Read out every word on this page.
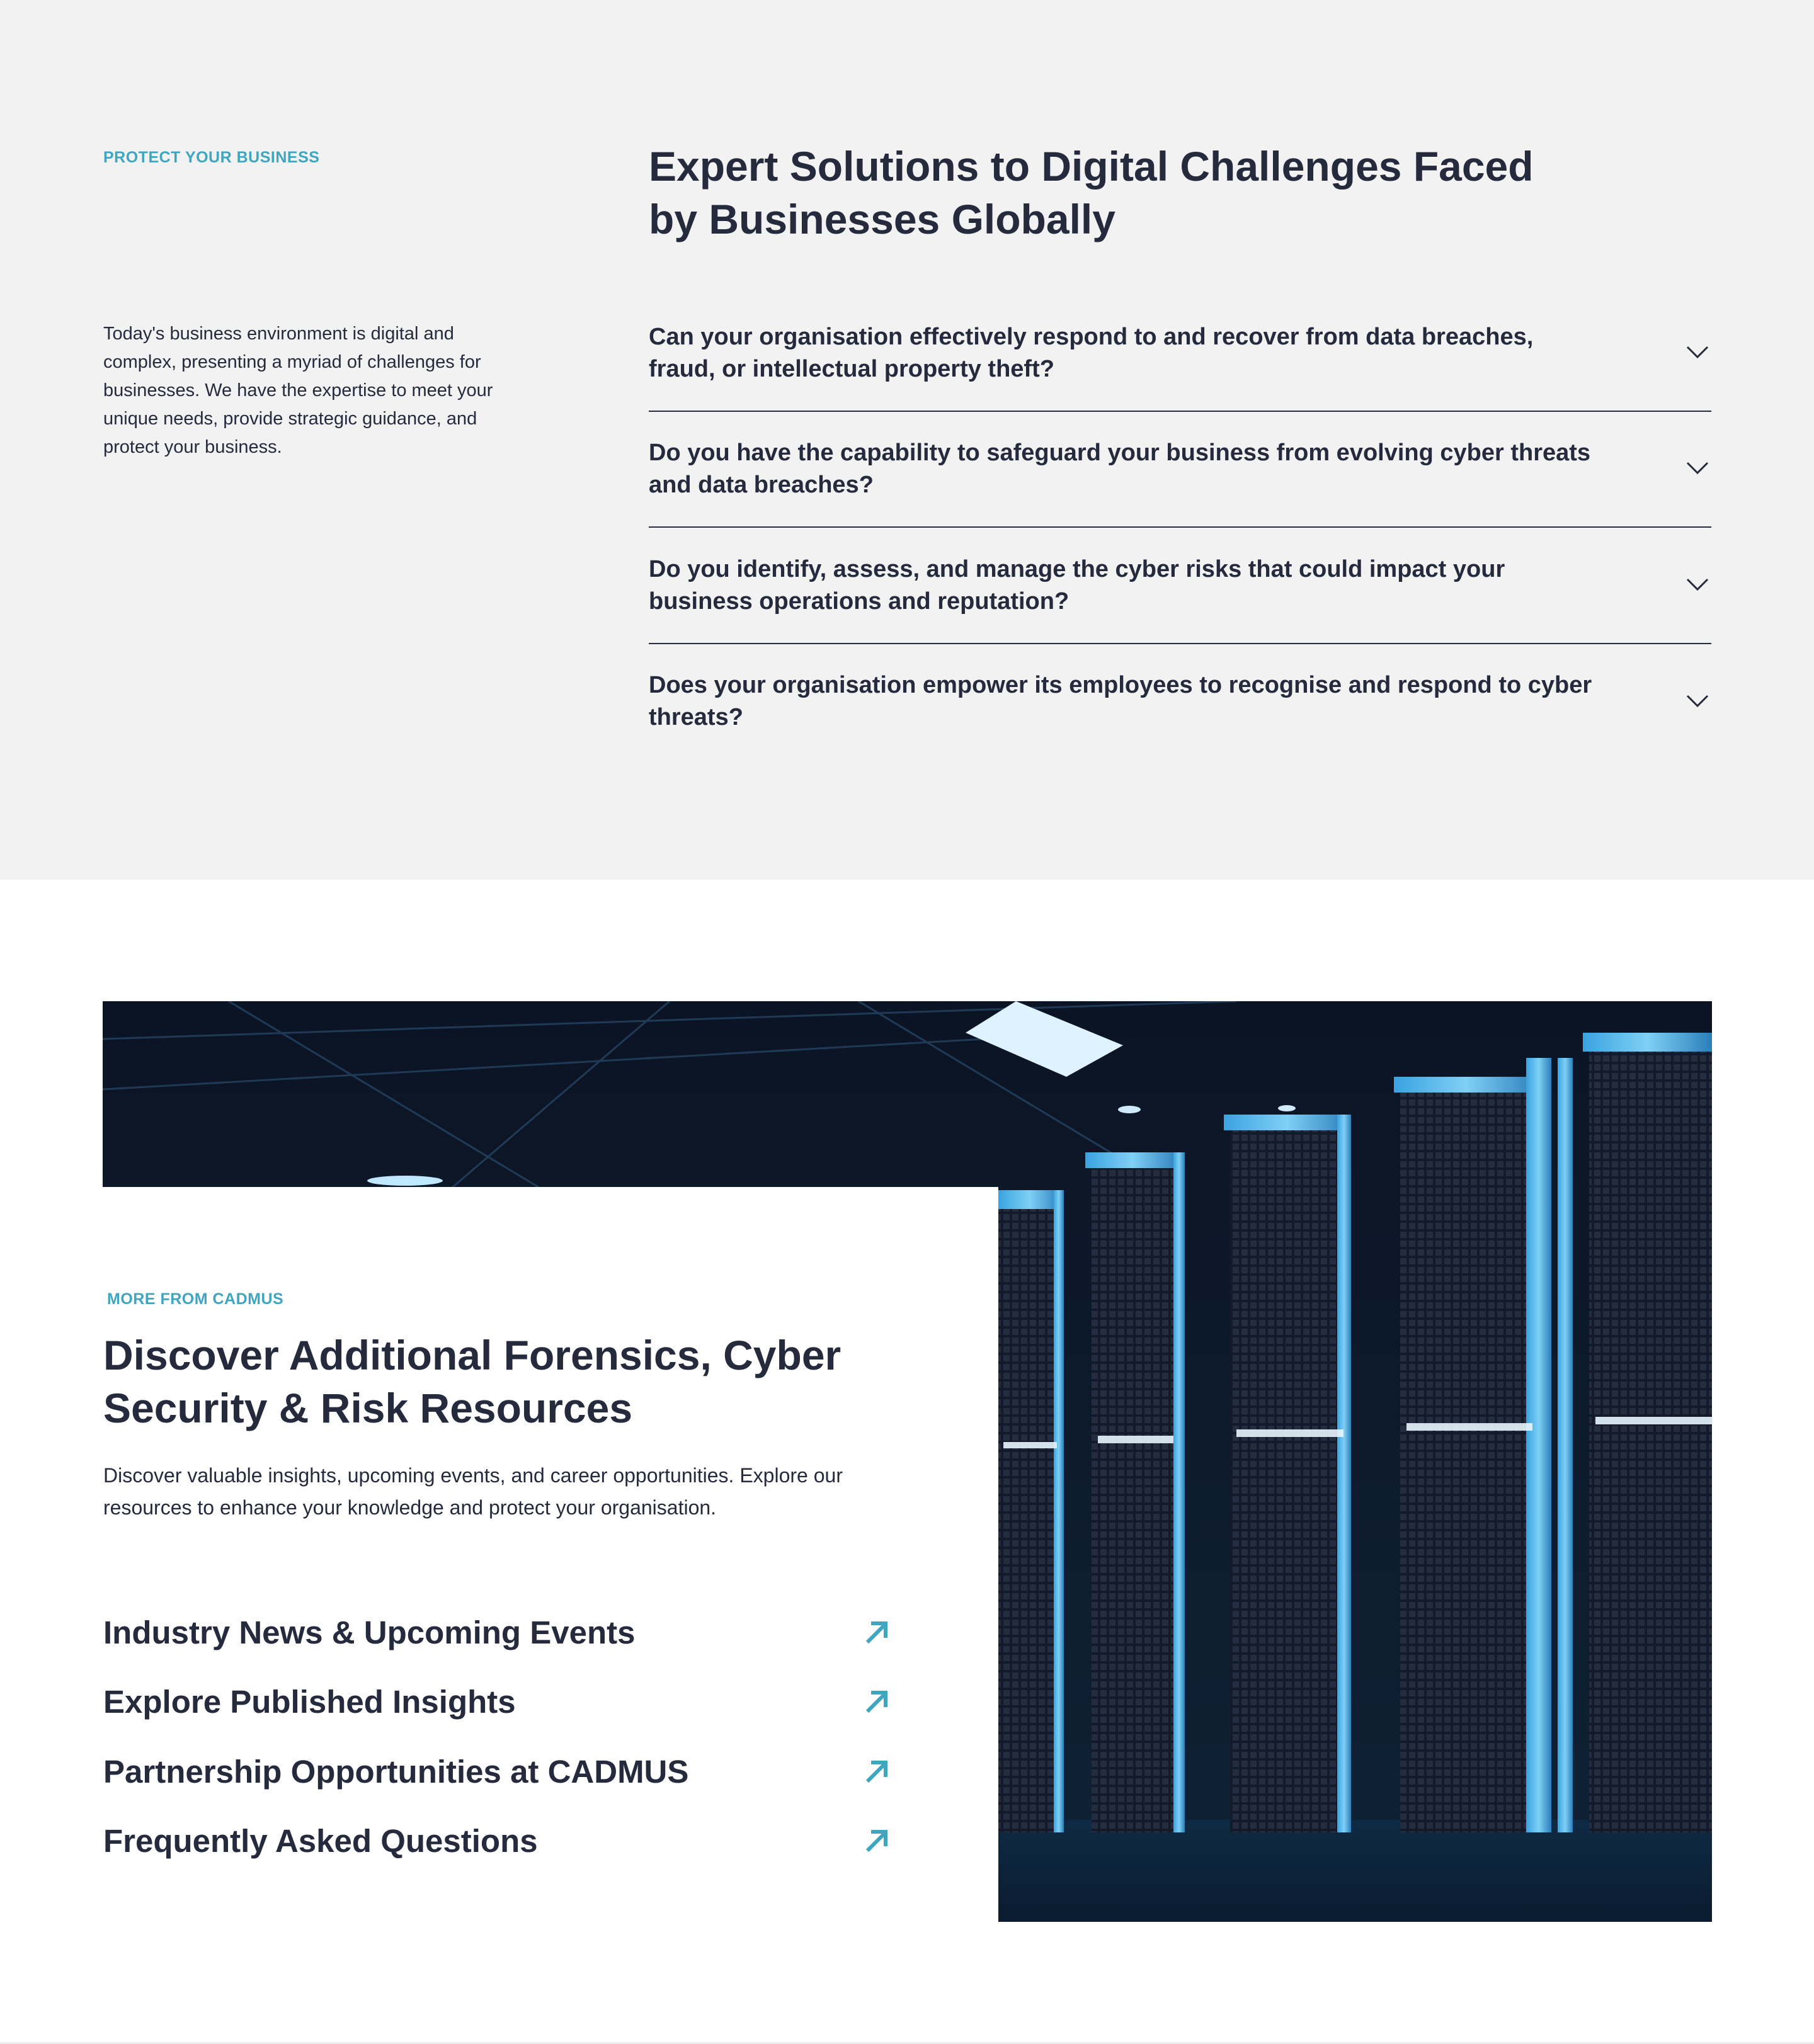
PROTECT YOUR BUSINESS	Expert Solutions to Digital Challenges Faced
by Businesses Globally

Today's business environment is digital and complex, presenting a myriad of challenges for businesses. We have the expertise to meet your unique needs, provide strategic guidance, and protect your business.

Can your organisation effectively respond to and recover from data breaches,
fraud, or intellectual property theft?

Do you have the capability to safeguard your business from evolving cyber threats
and data breaches?

Do you identify, assess, and manage the cyber risks that could impact your
business operations and reputation?

Does your organisation empower its employees to recognise and respond to cyber
threats?

MORE FROM CADMUS
Discover Additional Forensics, Cyber
Security & Risk Resources

Discover valuable insights, upcoming events, and career opportunities. Explore our resources to enhance your knowledge and protect your organisation.

Industry News & Upcoming Events
Explore Published Insights
Partnership Opportunities at CADMUS
Frequently Asked Questions
